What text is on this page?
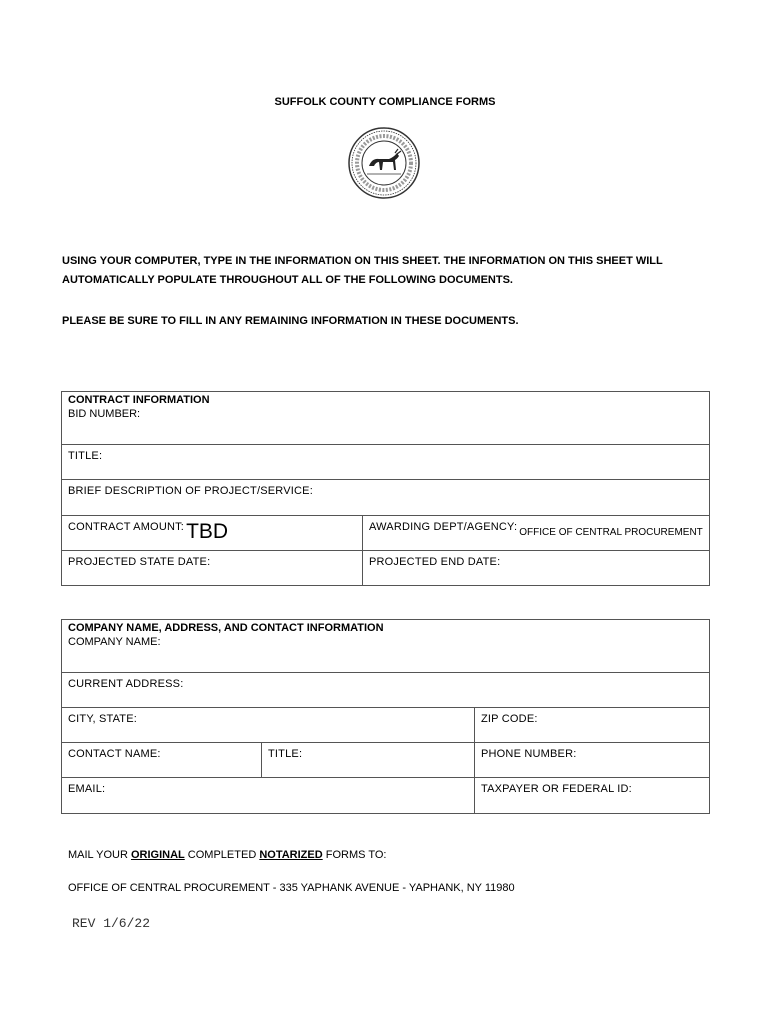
SUFFOLK COUNTY COMPLIANCE FORMS
USING YOUR COMPUTER, TYPE IN THE INFORMATION ON THIS SHEET. THE INFORMATION ON THIS SHEET WILL
AUTOMATICALLY POPULATE THROUGHOUT ALL OF THE FOLLOWING DOCUMENTS.
PLEASE BE SURE TO FILL IN ANY REMAINING INFORMATION IN THESE DOCUMENTS.
CONTRACT INFORMATION
BID NUMBER:	
TITLE:	
BRIEF DESCRIPTION OF PROJECT/SERVICE:	
CONTRACT AMOUNT:TBD	AWARDING DEPT/AGENCY: OFFICE OF CENTRAL PROCUREMENT
PROJECTED STATE DATE:	PROJECTED END DATE:
COMPANY NAME, ADDRESS, AND CONTACT INFORMATION
COMPANY NAME:		
CURRENT ADDRESS:		
CITY, STATE:		ZIP CODE:
CONTACT NAME:	TITLE:	PHONE NUMBER:
EMAIL:		TAXPAYER OR FEDERAL ID:
MAIL YOUR ORIGINAL COMPLETED NOTARIZED FORMS TO:
OFFICE OF CENTRAL PROCUREMENT - 335 YAPHANK AVENUE - YAPHANK, NY 11980
REV 1/6/22
